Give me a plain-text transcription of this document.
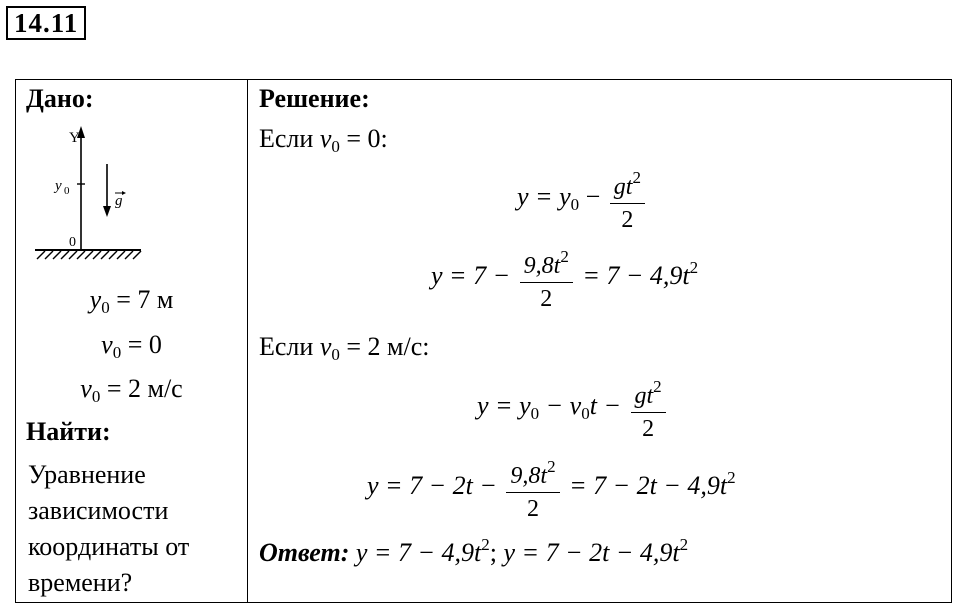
14.11
Дано:
Y
y 0
g
0
$y_0 = 7$ м
$v_0 = 0$
$v_0 = 2$ м/с
Найти:
Уравнение
зависимости
координаты от
времени?
Решение:
Если $v_0 = 0$:
$y = y_0 - \frac{gt^2}{2}$
$y = 7 - \frac{9,8t^2}{2} = 7 - 4,9t^2$
Если $v_0 = 2$ м/с:
$y = y_0 - v_0t - \frac{gt^2}{2}$
$y = 7 - 2t - \frac{9,8t^2}{2} = 7 - 2t - 4,9t^2$
Ответ: $y = 7 - 4,9t^2$; $y = 7 - 2t - 4,9t^2$
